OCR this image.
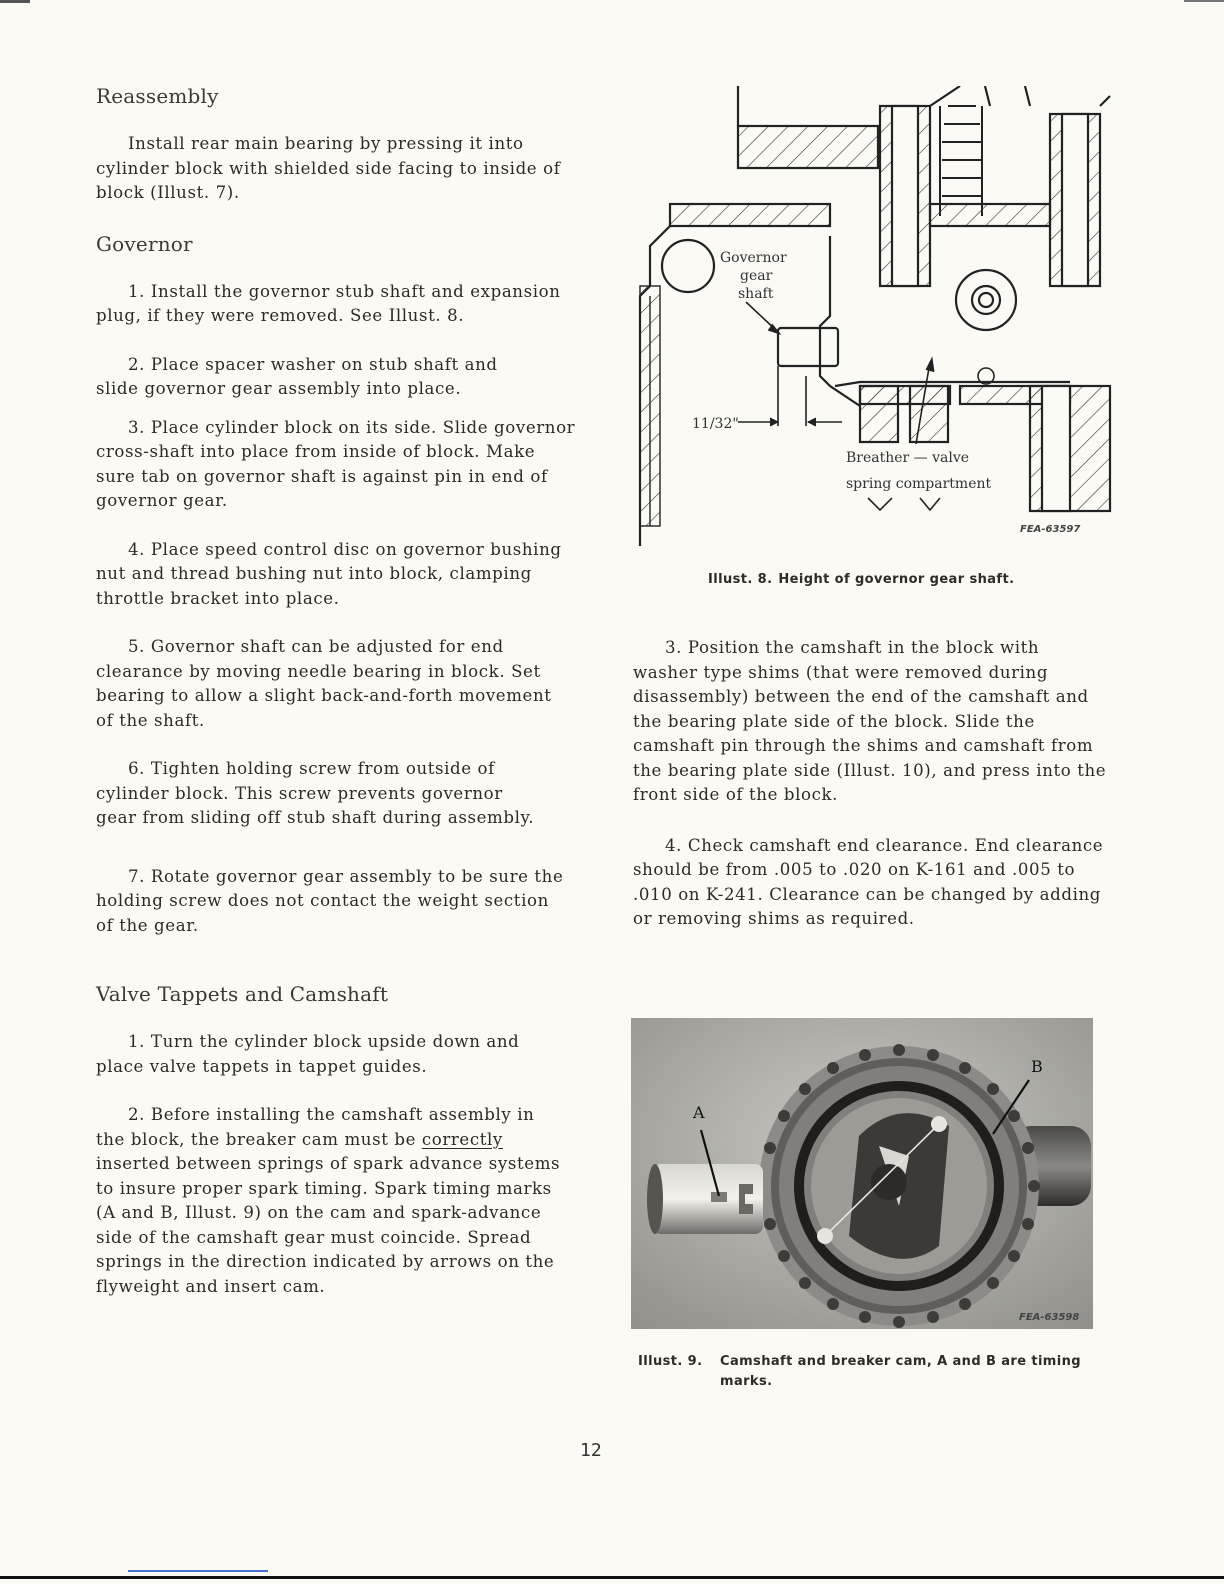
Reassembly

Install rear main bearing by pressing it into cylinder block with shielded side facing to inside of block (Illust. 7).

Governor

1. Install the governor stub shaft and expansion plug, if they were removed. See Illust. 8.

2. Place spacer washer on stub shaft and slide governor gear assembly into place.

3. Place cylinder block on its side. Slide governor cross-shaft into place from inside of block. Make sure tab on governor shaft is against pin in end of governor gear.

4. Place speed control disc on governor bushing nut and thread bushing nut into block, clamping throttle bracket into place.

5. Governor shaft can be adjusted for end clearance by moving needle bearing in block. Set bearing to allow a slight back-and-forth movement of the shaft.

6. Tighten holding screw from outside of cylinder block. This screw prevents governor gear from sliding off stub shaft during assembly.

7. Rotate governor gear assembly to be sure the holding screw does not contact the weight section of the gear.

Valve Tappets and Camshaft

1. Turn the cylinder block upside down and place valve tappets in tappet guides.

2. Before installing the camshaft assembly in the block, the breaker cam must be correctly inserted between springs of spark advance systems to insure proper spark timing. Spark timing marks (A and B, Illust. 9) on the cam and spark-advance side of the camshaft gear must coincide. Spread springs in the direction indicated by arrows on the flyweight and insert cam.

Governor
gear
shaft
11/32"
Breather — valve
spring compartment
FEA-63597
Illust. 8. Height of governor gear shaft.

3. Position the camshaft in the block with washer type shims (that were removed during disassembly) between the end of the camshaft and the bearing plate side of the block. Slide the camshaft pin through the shims and camshaft from the bearing plate side (Illust. 10), and press into the front side of the block.

4. Check camshaft end clearance. End clearance should be from .005 to .020 on K-161 and .005 to .010 on K-241. Clearance can be changed by adding or removing shims as required.

A
B
FEA-63598
Illust. 9.	Camshaft and breaker cam, A and B are timing marks.
12
